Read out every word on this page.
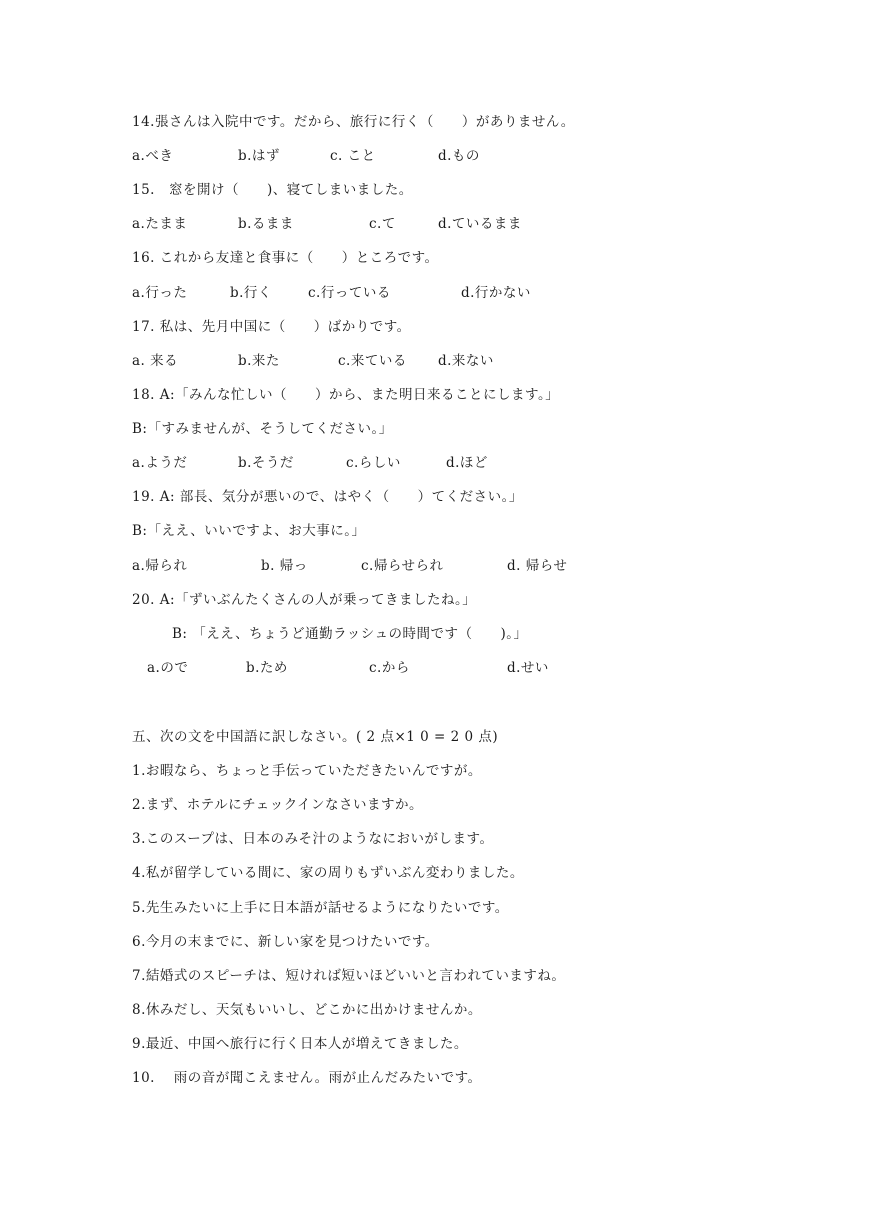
14.張さんは入院中です。だから、旅行に行く（　　）がありません。
a.べき	b.はず	c. こと	d.もの
15.　窓を開け（　　)、寝てしまいました。
a.たまま	b.るまま	c.て	d.ているまま
16. これから友達と食事に（　　）ところです。
a.行った	b.行く	c.行っている	d.行かない
17. 私は、先月中国に（　　）ばかりです。
a. 来る	b.来た	c.来ている d.来ない
18. A:「みんな忙しい（　　）から、また明日来ることにします。」
B:「すみませんが、そうしてください。」
a.ようだ	b.そうだ	c.らしい	d.ほど
19. A: 部長、気分が悪いので、はやく（　　）てください。」
B:「ええ、いいですよ、お大事に。」
a.帰られ	b. 帰っ	c.帰らせられ	d. 帰らせ
20. A:「ずいぶんたくさんの人が乗ってきましたね。」
B: 「ええ、ちょうど通勤ラッシュの時間です（　　)。」
a.ので	b.ため	c.から	d.せい
五、次の文を中国語に訳しなさい。( 2 点×1 0 = 2 0 点)
1.お暇なら、ちょっと手伝っていただきたいんですが。
2.まず、ホテルにチェックインなさいますか。
3.このスープは、日本のみそ汁のようなにおいがします。
4.私が留学している間に、家の周りもずいぶん変わりました。
5.先生みたいに上手に日本語が話せるようになりたいです。
6.今月の末までに、新しい家を見つけたいです。
7.結婚式のスピーチは、短ければ短いほどいいと言われていますね。
8.休みだし、天気もいいし、どこかに出かけませんか。
9.最近、中国へ旅行に行く日本人が増えてきました。
10.　 雨の音が聞こえません。雨が止んだみたいです。
